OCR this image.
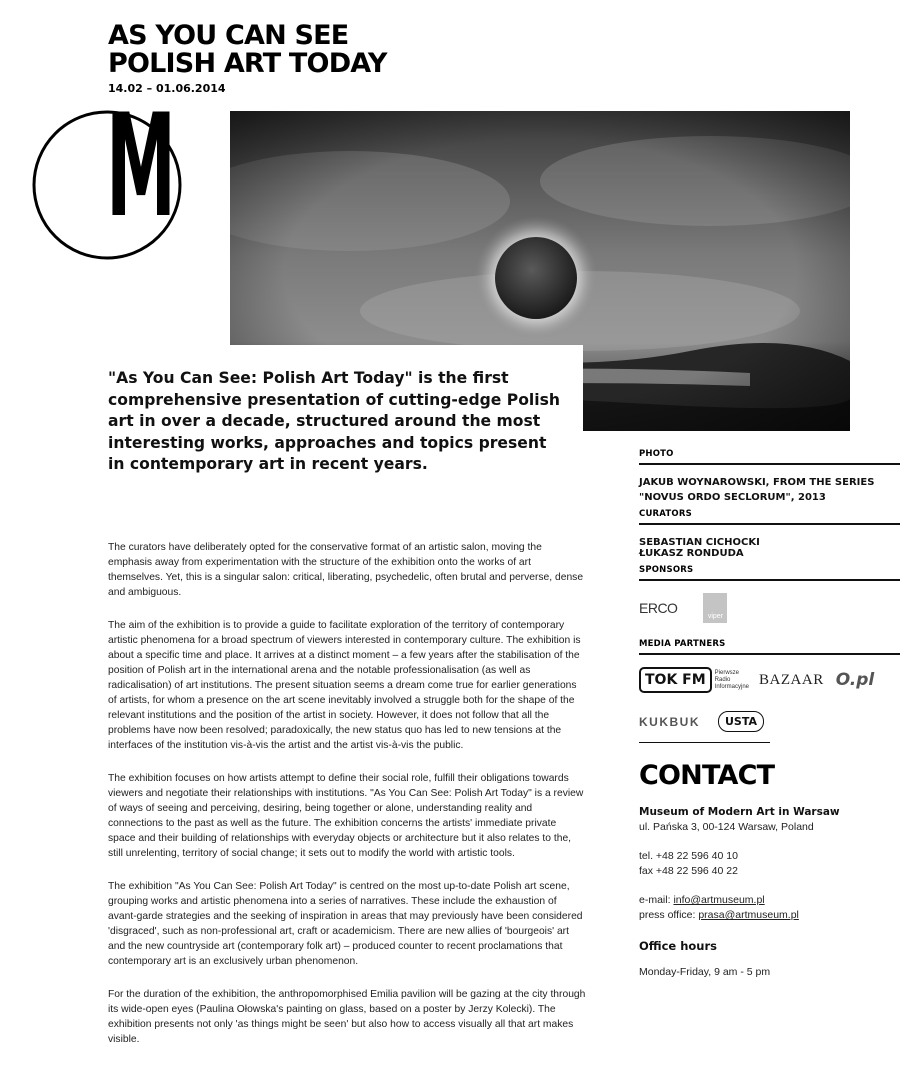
AS YOU CAN SEE
POLISH ART TODAY
14.02 – 01.06.2014
M

"As You Can See: Polish Art Today" is the first comprehensive presentation of cutting-edge Polish art in over a decade, structured around the most interesting works, approaches and topics present in contemporary art in recent years.

The curators have deliberately opted for the conservative format of an artistic salon, moving the emphasis away from experimentation with the structure of the exhibition onto the works of art themselves. Yet, this is a singular salon: critical, liberating, psychedelic, often brutal and perverse, dense and ambiguous.

The aim of the exhibition is to provide a guide to facilitate exploration of the territory of contemporary artistic phenomena for a broad spectrum of viewers interested in contemporary culture. The exhibition is about a specific time and place. It arrives at a distinct moment – a few years after the stabilisation of the position of Polish art in the international arena and the notable professionalisation (as well as radicalisation) of art institutions. The present situation seems a dream come true for earlier generations of artists, for whom a presence on the art scene inevitably involved a struggle both for the shape of the relevant institutions and the position of the artist in society. However, it does not follow that all the problems have now been resolved; paradoxically, the new status quo has led to new tensions at the interfaces of the institution vis-à-vis the artist and the artist vis-à-vis the public.

The exhibition focuses on how artists attempt to define their social role, fulfill their obligations towards viewers and negotiate their relationships with institutions. "As You Can See: Polish Art Today" is a review of ways of seeing and perceiving, desiring, being together or alone, understanding reality and connections to the past as well as the future. The exhibition concerns the artists' immediate private space and their building of relationships with everyday objects or architecture but it also relates to the, still unrelenting, territory of social change; it sets out to modify the world with artistic tools.

The exhibition "As You Can See: Polish Art Today" is centred on the most up-to-date Polish art scene, grouping works and artistic phenomena into a series of narratives. These include the exhaustion of avant-garde strategies and the seeking of inspiration in areas that may previously have been considered 'disgraced', such as non-professional art, craft or academicism. There are new allies of 'bourgeois' art and the new countryside art (contemporary folk art) – produced counter to recent proclamations that contemporary art is an exclusively urban phenomenon.

For the duration of the exhibition, the anthropomorphised Emilia pavilion will be gazing at the city through its wide-open eyes (Paulina Ołowska's painting on glass, based on a poster by Jerzy Kolecki). The exhibition presents not only 'as things might be seen' but also how to access visually all that art makes visible.

PHOTO
JAKUB WOYNAROWSKI, FROM THE SERIES
"NOVUS ORDO SECLORUM", 2013
CURATORS
SEBASTIAN CICHOCKI
ŁUKASZ RONDUDA
SPONSORS
ERCO
viper
MEDIA PARTNERS
TOK FM	Pierwsze
Radio
Informacyjne BAZAAR O.pl
KUKBUK	USTA
CONTACT
Museum of Modern Art in Warsaw
ul. Pańska 3, 00-124 Warsaw, Poland
tel. +48 22 596 40 10
fax +48 22 596 40 22
e-mail: info@artmuseum.pl
press office: prasa@artmuseum.pl
Office hours
Monday-Friday, 9 am - 5 pm
